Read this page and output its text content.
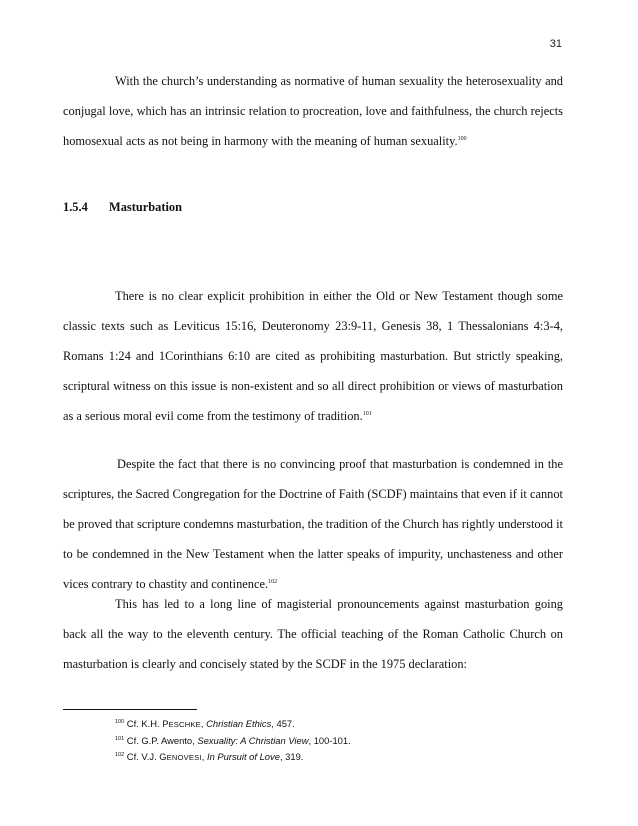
31
With the church’s understanding as normative of human sexuality the heterosexuality and conjugal love, which has an intrinsic relation to procreation, love and faithfulness, the church rejects homosexual acts as not being in harmony with the meaning of human sexuality.$^{100}$
1.5.4 Masturbation
There is no clear explicit prohibition in either the Old or New Testament though some classic texts such as Leviticus 15:16, Deuteronomy 23:9-11, Genesis 38, 1 Thessalonians 4:3-4, Romans 1:24 and 1Corinthians 6:10 are cited as prohibiting masturbation. But strictly speaking, scriptural witness on this issue is non-existent and so all direct prohibition or views of masturbation as a serious moral evil come from the testimony of tradition.$^{101}$
Despite the fact that there is no convincing proof that masturbation is condemned in the scriptures, the Sacred Congregation for the Doctrine of Faith (SCDF) maintains that even if it cannot be proved that scripture condemns masturbation, the tradition of the Church has rightly understood it to be condemned in the New Testament when the latter speaks of impurity, unchasteness and other vices contrary to chastity and continence.$^{102}$
This has led to a long line of magisterial pronouncements against masturbation going back all the way to the eleventh century. The official teaching of the Roman Catholic Church on masturbation is clearly and concisely stated by the SCDF in the 1975 declaration:
$^{100}$ Cf. K.H. PESCHKE, Christian Ethics, 457.
$^{101}$ Cf. G.P. Awento, Sexuality: A Christian View, 100-101.
$^{102}$ Cf. V.J. GENOVESI, In Pursuit of Love, 319.
